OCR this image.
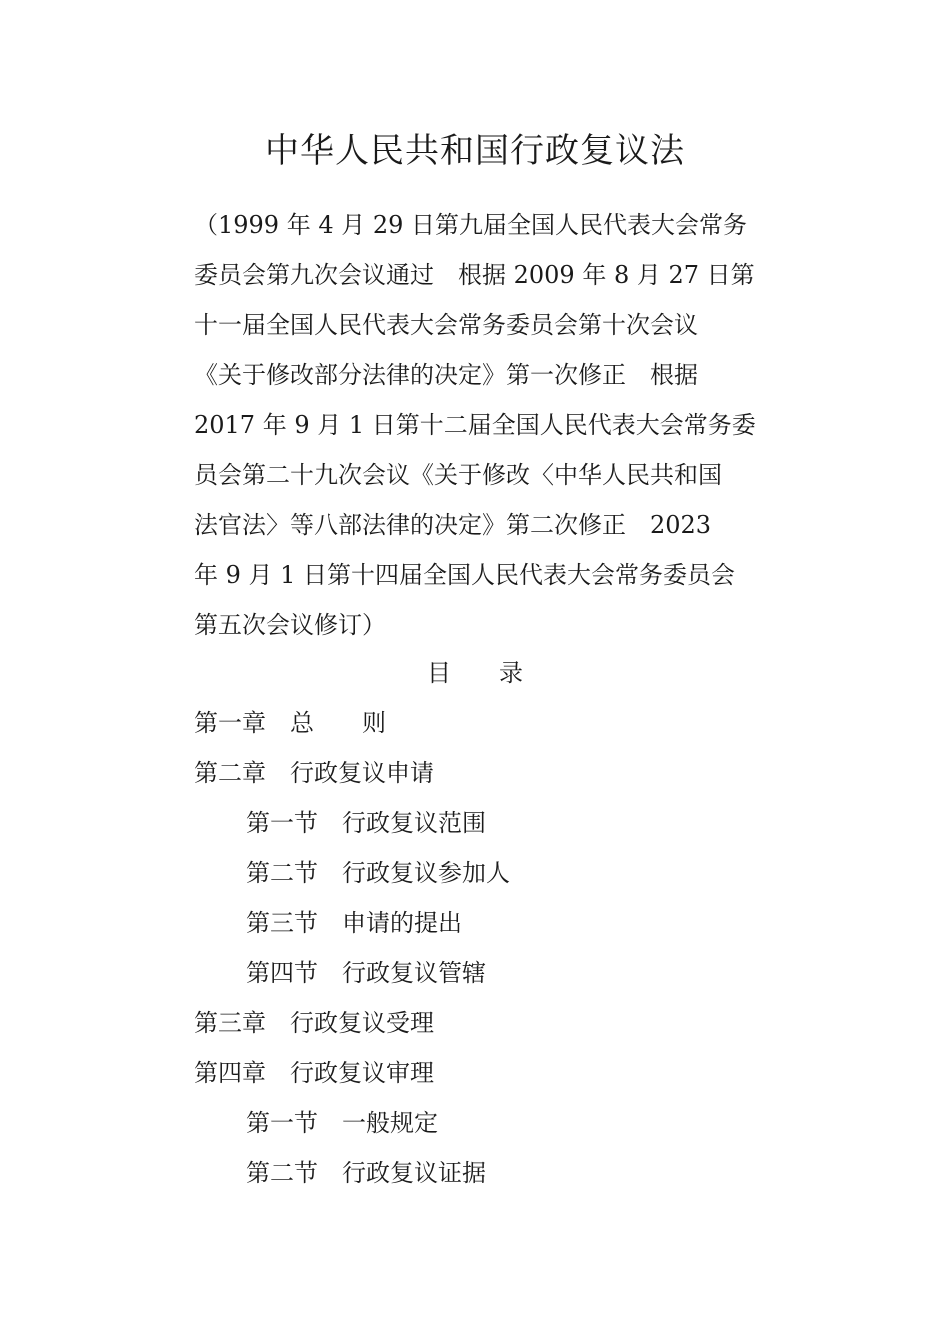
中华人民共和国行政复议法
（1999 年 4 月 29 日第九届全国人民代表大会常务
委员会第九次会议通过　根据 2009 年 8 月 27 日第
十一届全国人民代表大会常务委员会第十次会议
《关于修改部分法律的决定》第一次修正　根据
2017 年 9 月 1 日第十二届全国人民代表大会常务委
员会第二十九次会议《关于修改〈中华人民共和国
法官法〉等八部法律的决定》第二次修正　2023
年 9 月 1 日第十四届全国人民代表大会常务委员会
第五次会议修订）
目　　录
第一章　总　　则
第二章　行政复议申请
第一节　行政复议范围
第二节　行政复议参加人
第三节　申请的提出
第四节　行政复议管辖
第三章　行政复议受理
第四章　行政复议审理
第一节　一般规定
第二节　行政复议证据
